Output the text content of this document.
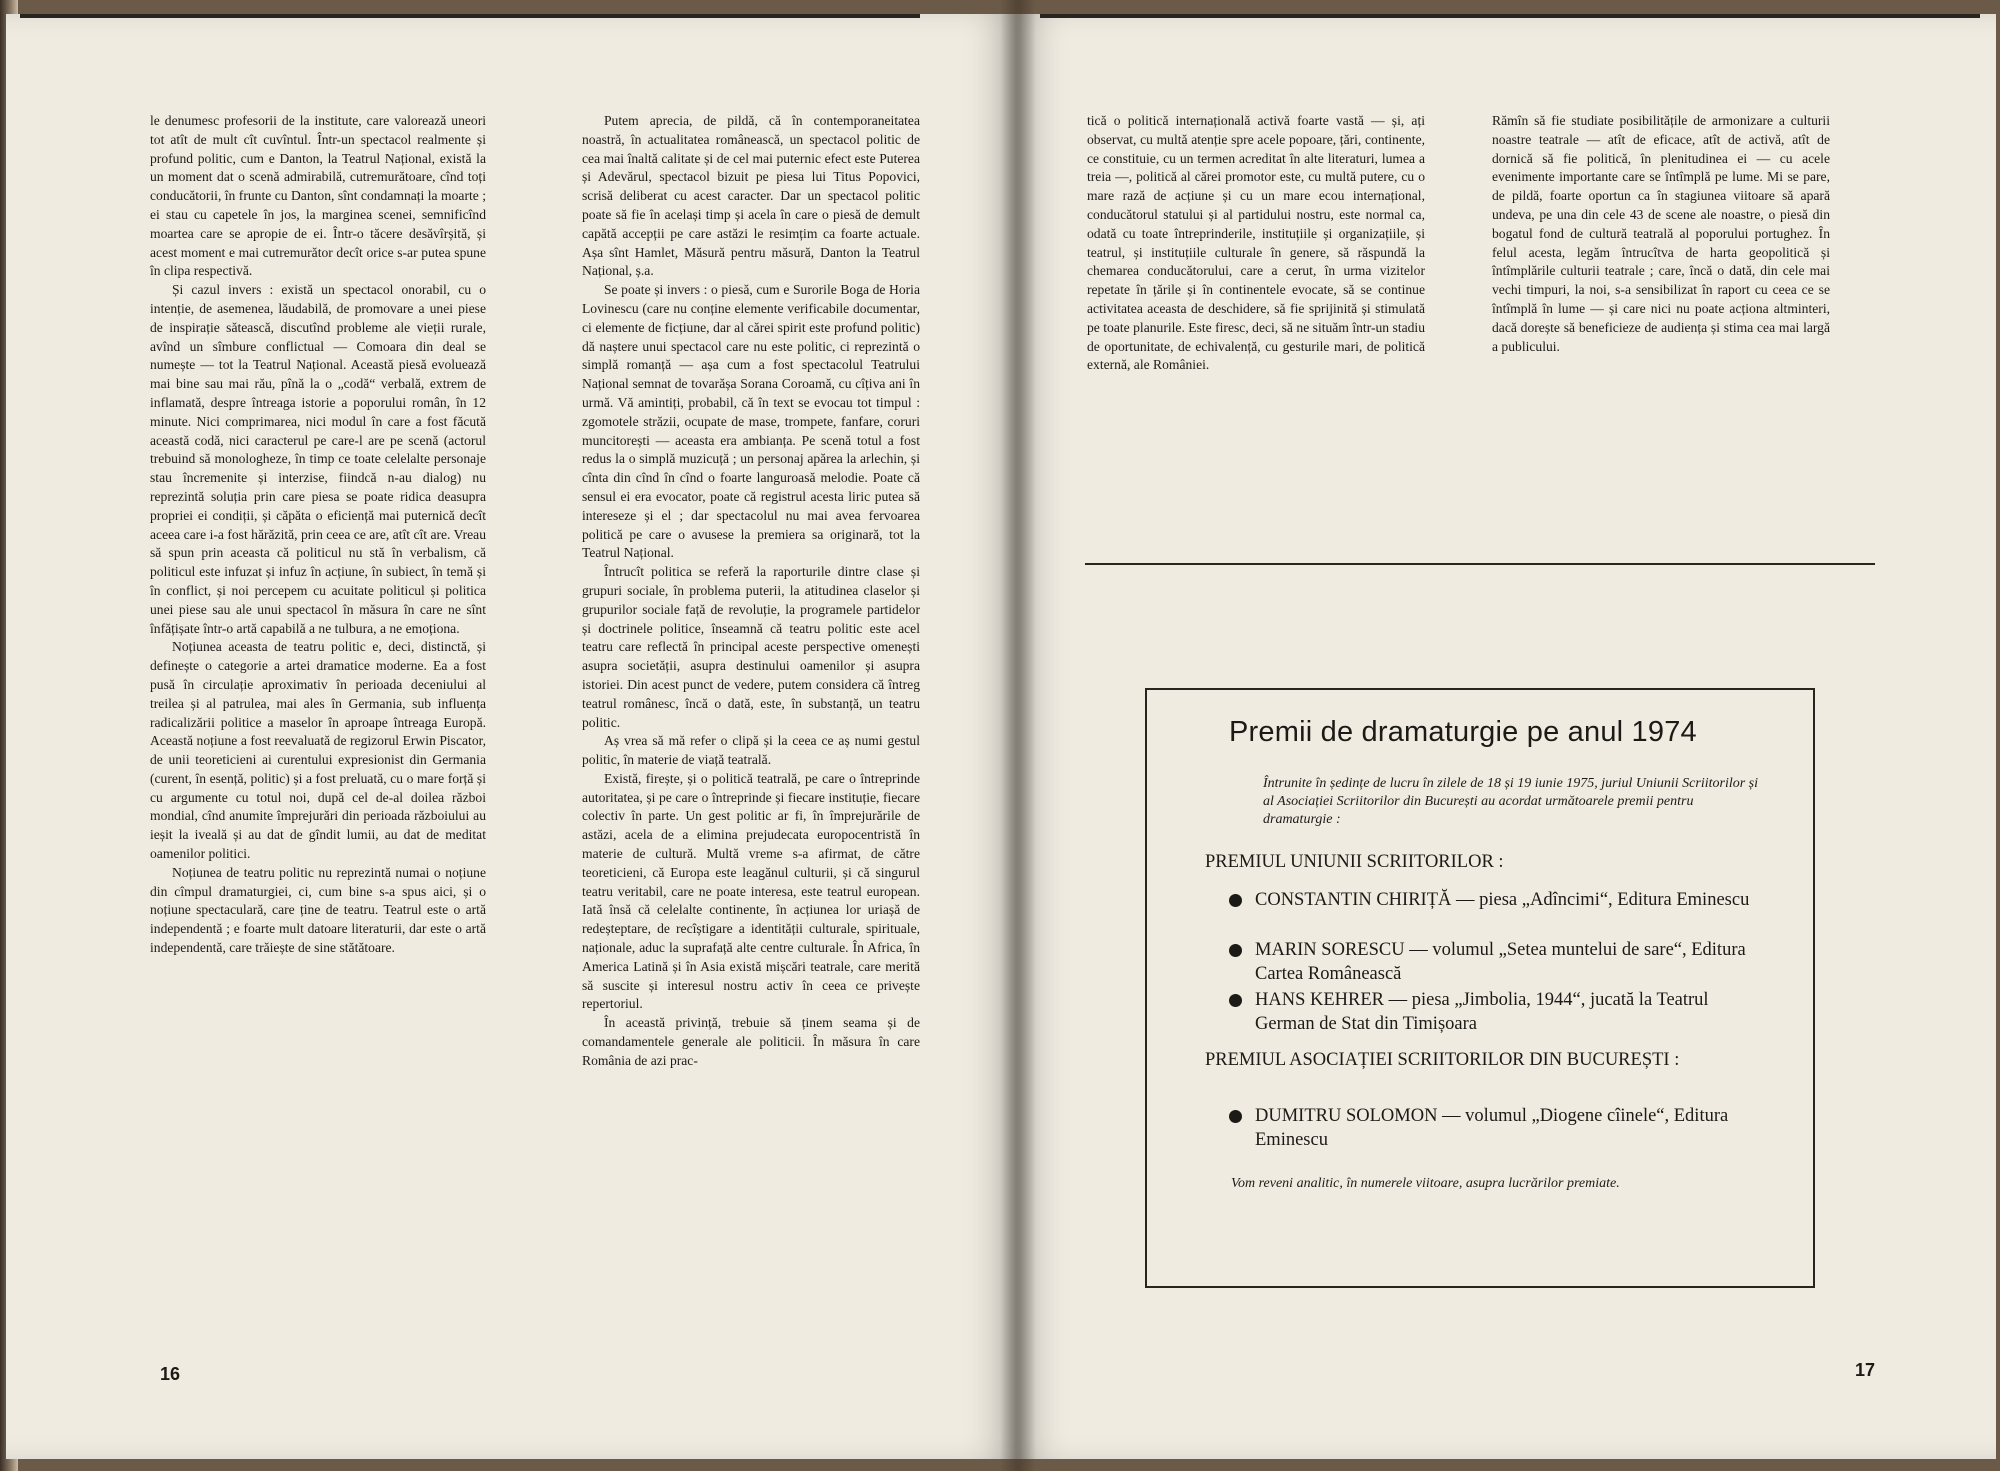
le denumesc profesorii de la institute, care valorează uneori tot atît de mult cît cuvîntul. Într-un spectacol realmente și profund politic, cum e Danton, la Teatrul Național, există la un moment dat o scenă admirabilă, cutremurătoare, cînd toți conducătorii, în frunte cu Danton, sînt condamnați la moarte ; ei stau cu capetele în jos, la marginea scenei, semnificînd moartea care se apropie de ei. Într-o tăcere desăvîrșită, și acest moment e mai cutremurător decît orice s-ar putea spune în clipa respectivă.

Și cazul invers : există un spectacol onorabil, cu o intenție, de asemenea, lăudabilă, de promovare a unei piese de inspirație sătească, discutînd probleme ale vieții rurale, avînd un sîmbure conflictual — Comoara din deal se numește — tot la Teatrul Național. Această piesă evoluează mai bine sau mai rău, pînă la o „codă“ verbală, extrem de inflamată, despre întreaga istorie a poporului român, în 12 minute. Nici comprimarea, nici modul în care a fost făcută această codă, nici caracterul pe care-l are pe scenă (actorul trebuind să monologheze, în timp ce toate celelalte personaje stau încremenite și interzise, fiindcă n-au dialog) nu reprezintă soluția prin care piesa se poate ridica deasupra propriei ei condiții, și căpăta o eficiență mai puternică decît aceea care i-a fost hărăzită, prin ceea ce are, atît cît are. Vreau să spun prin aceasta că politicul nu stă în verbalism, că politicul este infuzat și infuz în acțiune, în subiect, în temă și în conflict, și noi percepem cu acuitate politicul și politica unei piese sau ale unui spectacol în măsura în care ne sînt înfățișate într-o artă capabilă a ne tulbura, a ne emoționa.

Noțiunea aceasta de teatru politic e, deci, distinctă, și definește o categorie a artei dramatice moderne. Ea a fost pusă în circulație aproximativ în perioada deceniului al treilea și al patrulea, mai ales în Germania, sub influența radicalizării politice a maselor în aproape întreaga Europă. Această noțiune a fost reevaluată de regizorul Erwin Piscator, de unii teoreticieni ai curentului expresionist din Germania (curent, în esență, politic) și a fost preluată, cu o mare forță și cu argumente cu totul noi, după cel de-al doilea război mondial, cînd anumite împrejurări din perioada războiului au ieșit la iveală și au dat de gîndit lumii, au dat de meditat oamenilor politici.

Noțiunea de teatru politic nu reprezintă numai o noțiune din cîmpul dramaturgiei, ci, cum bine s-a spus aici, și o noțiune spectaculară, care ține de teatru. Teatrul este o artă independentă ; e foarte mult datoare literaturii, dar este o artă independentă, care trăiește de sine stătătoare.

Putem aprecia, de pildă, că în contemporaneitatea noastră, în actualitatea românească, un spectacol politic de cea mai înaltă calitate și de cel mai puternic efect este Puterea și Adevărul, spectacol bizuit pe piesa lui Titus Popovici, scrisă deliberat cu acest caracter. Dar un spectacol politic poate să fie în același timp și acela în care o piesă de demult capătă accepții pe care astăzi le resimțim ca foarte actuale. Așa sînt Hamlet, Măsură pentru măsură, Danton la Teatrul Național, ș.a.

Se poate și invers : o piesă, cum e Surorile Boga de Horia Lovinescu (care nu conține elemente verificabile documentar, ci elemente de ficțiune, dar al cărei spirit este profund politic) dă naștere unui spectacol care nu este politic, ci reprezintă o simplă romanță — așa cum a fost spectacolul Teatrului Național semnat de tovarășa Sorana Coroamă, cu cîțiva ani în urmă. Vă amintiți, probabil, că în text se evocau tot timpul : zgomotele străzii, ocupate de mase, trompete, fanfare, coruri muncitorești — aceasta era ambianța. Pe scenă totul a fost redus la o simplă muzicuță ; un personaj apărea la arlechin, și cînta din cînd în cînd o foarte languroasă melodie. Poate că sensul ei era evocator, poate că registrul acesta liric putea să intereseze și el ; dar spectacolul nu mai avea fervoarea politică pe care o avusese la premiera sa originară, tot la Teatrul Național.

Întrucît politica se referă la raporturile dintre clase și grupuri sociale, în problema puterii, la atitudinea claselor și grupurilor sociale față de revoluție, la programele partidelor și doctrinele politice, înseamnă că teatru politic este acel teatru care reflectă în principal aceste perspective omenești asupra societății, asupra destinului oamenilor și asupra istoriei. Din acest punct de vedere, putem considera că întreg teatrul românesc, încă o dată, este, în substanță, un teatru politic.

Aș vrea să mă refer o clipă și la ceea ce aș numi gestul politic, în materie de viață teatrală.

Există, firește, și o politică teatrală, pe care o întreprinde autoritatea, și pe care o întreprinde și fiecare instituție, fiecare colectiv în parte. Un gest politic ar fi, în împrejurările de astăzi, acela de a elimina prejudecata europocentristă în materie de cultură. Multă vreme s-a afirmat, de către teoreticieni, că Europa este leagănul culturii, și că singurul teatru veritabil, care ne poate interesa, este teatrul european. Iată însă că celelalte continente, în acțiunea lor uriașă de redeșteptare, de recîștigare a identității culturale, spirituale, naționale, aduc la suprafață alte centre culturale. În Africa, în America Latină și în Asia există mișcări teatrale, care merită să suscite și interesul nostru activ în ceea ce privește repertoriul.

În această privință, trebuie să ținem seama și de comandamentele generale ale politicii. În măsura în care România de azi prac-

16

tică o politică internațională activă foarte vastă — și, ați observat, cu multă atenție spre acele popoare, țări, continente, ce constituie, cu un termen acreditat în alte literaturi, lumea a treia —, politică al cărei promotor este, cu multă putere, cu o mare rază de acțiune și cu un mare ecou internațional, conducătorul statului și al partidului nostru, este normal ca, odată cu toate întreprinderile, instituțiile și organizațiile, și teatrul, și instituțiile culturale în genere, să răspundă la chemarea conducătorului, care a cerut, în urma vizitelor repetate în țările și în continentele evocate, să se continue activitatea aceasta de deschidere, să fie sprijinită și stimulată pe toate planurile. Este firesc, deci, să ne situăm într-un stadiu de oportunitate, de echivalență, cu gesturile mari, de politică externă, ale României.

Rămîn să fie studiate posibilitățile de armonizare a culturii noastre teatrale — atît de eficace, atît de activă, atît de dornică să fie politică, în plenitudinea ei — cu acele evenimente importante care se întîmplă pe lume. Mi se pare, de pildă, foarte oportun ca în stagiunea viitoare să apară undeva, pe una din cele 43 de scene ale noastre, o piesă din bogatul fond de cultură teatrală al poporului portughez. În felul acesta, legăm întrucîtva de harta geopolitică și întîmplările culturii teatrale ; care, încă o dată, din cele mai vechi timpuri, la noi, s-a sensibilizat în raport cu ceea ce se întîmplă în lume — și care nici nu poate acționa altminteri, dacă dorește să beneficieze de audiența și stima cea mai largă a publicului.

Premii de dramaturgie pe anul 1974
Întrunite în ședințe de lucru în zilele de 18 și 19 iunie 1975, juriul Uniunii Scriitorilor și al Asociației Scriitorilor din București au acordat următoarele premii pentru dramaturgie :
PREMIUL UNIUNII SCRIITORILOR :
CONSTANTIN CHIRIȚĂ — piesa „Adîncimi“, Editura Eminescu
MARIN SORESCU — volumul „Setea muntelui de sare“, Editura Cartea Românească
HANS KEHRER — piesa „Jimbolia, 1944“, jucată la Teatrul German de Stat din Timișoara
PREMIUL ASOCIAȚIEI SCRIITORILOR DIN BUCUREȘTI :
DUMITRU SOLOMON — volumul „Diogene cîinele“, Editura Eminescu
Vom reveni analitic, în numerele viitoare, asupra lucrărilor premiate.
17
